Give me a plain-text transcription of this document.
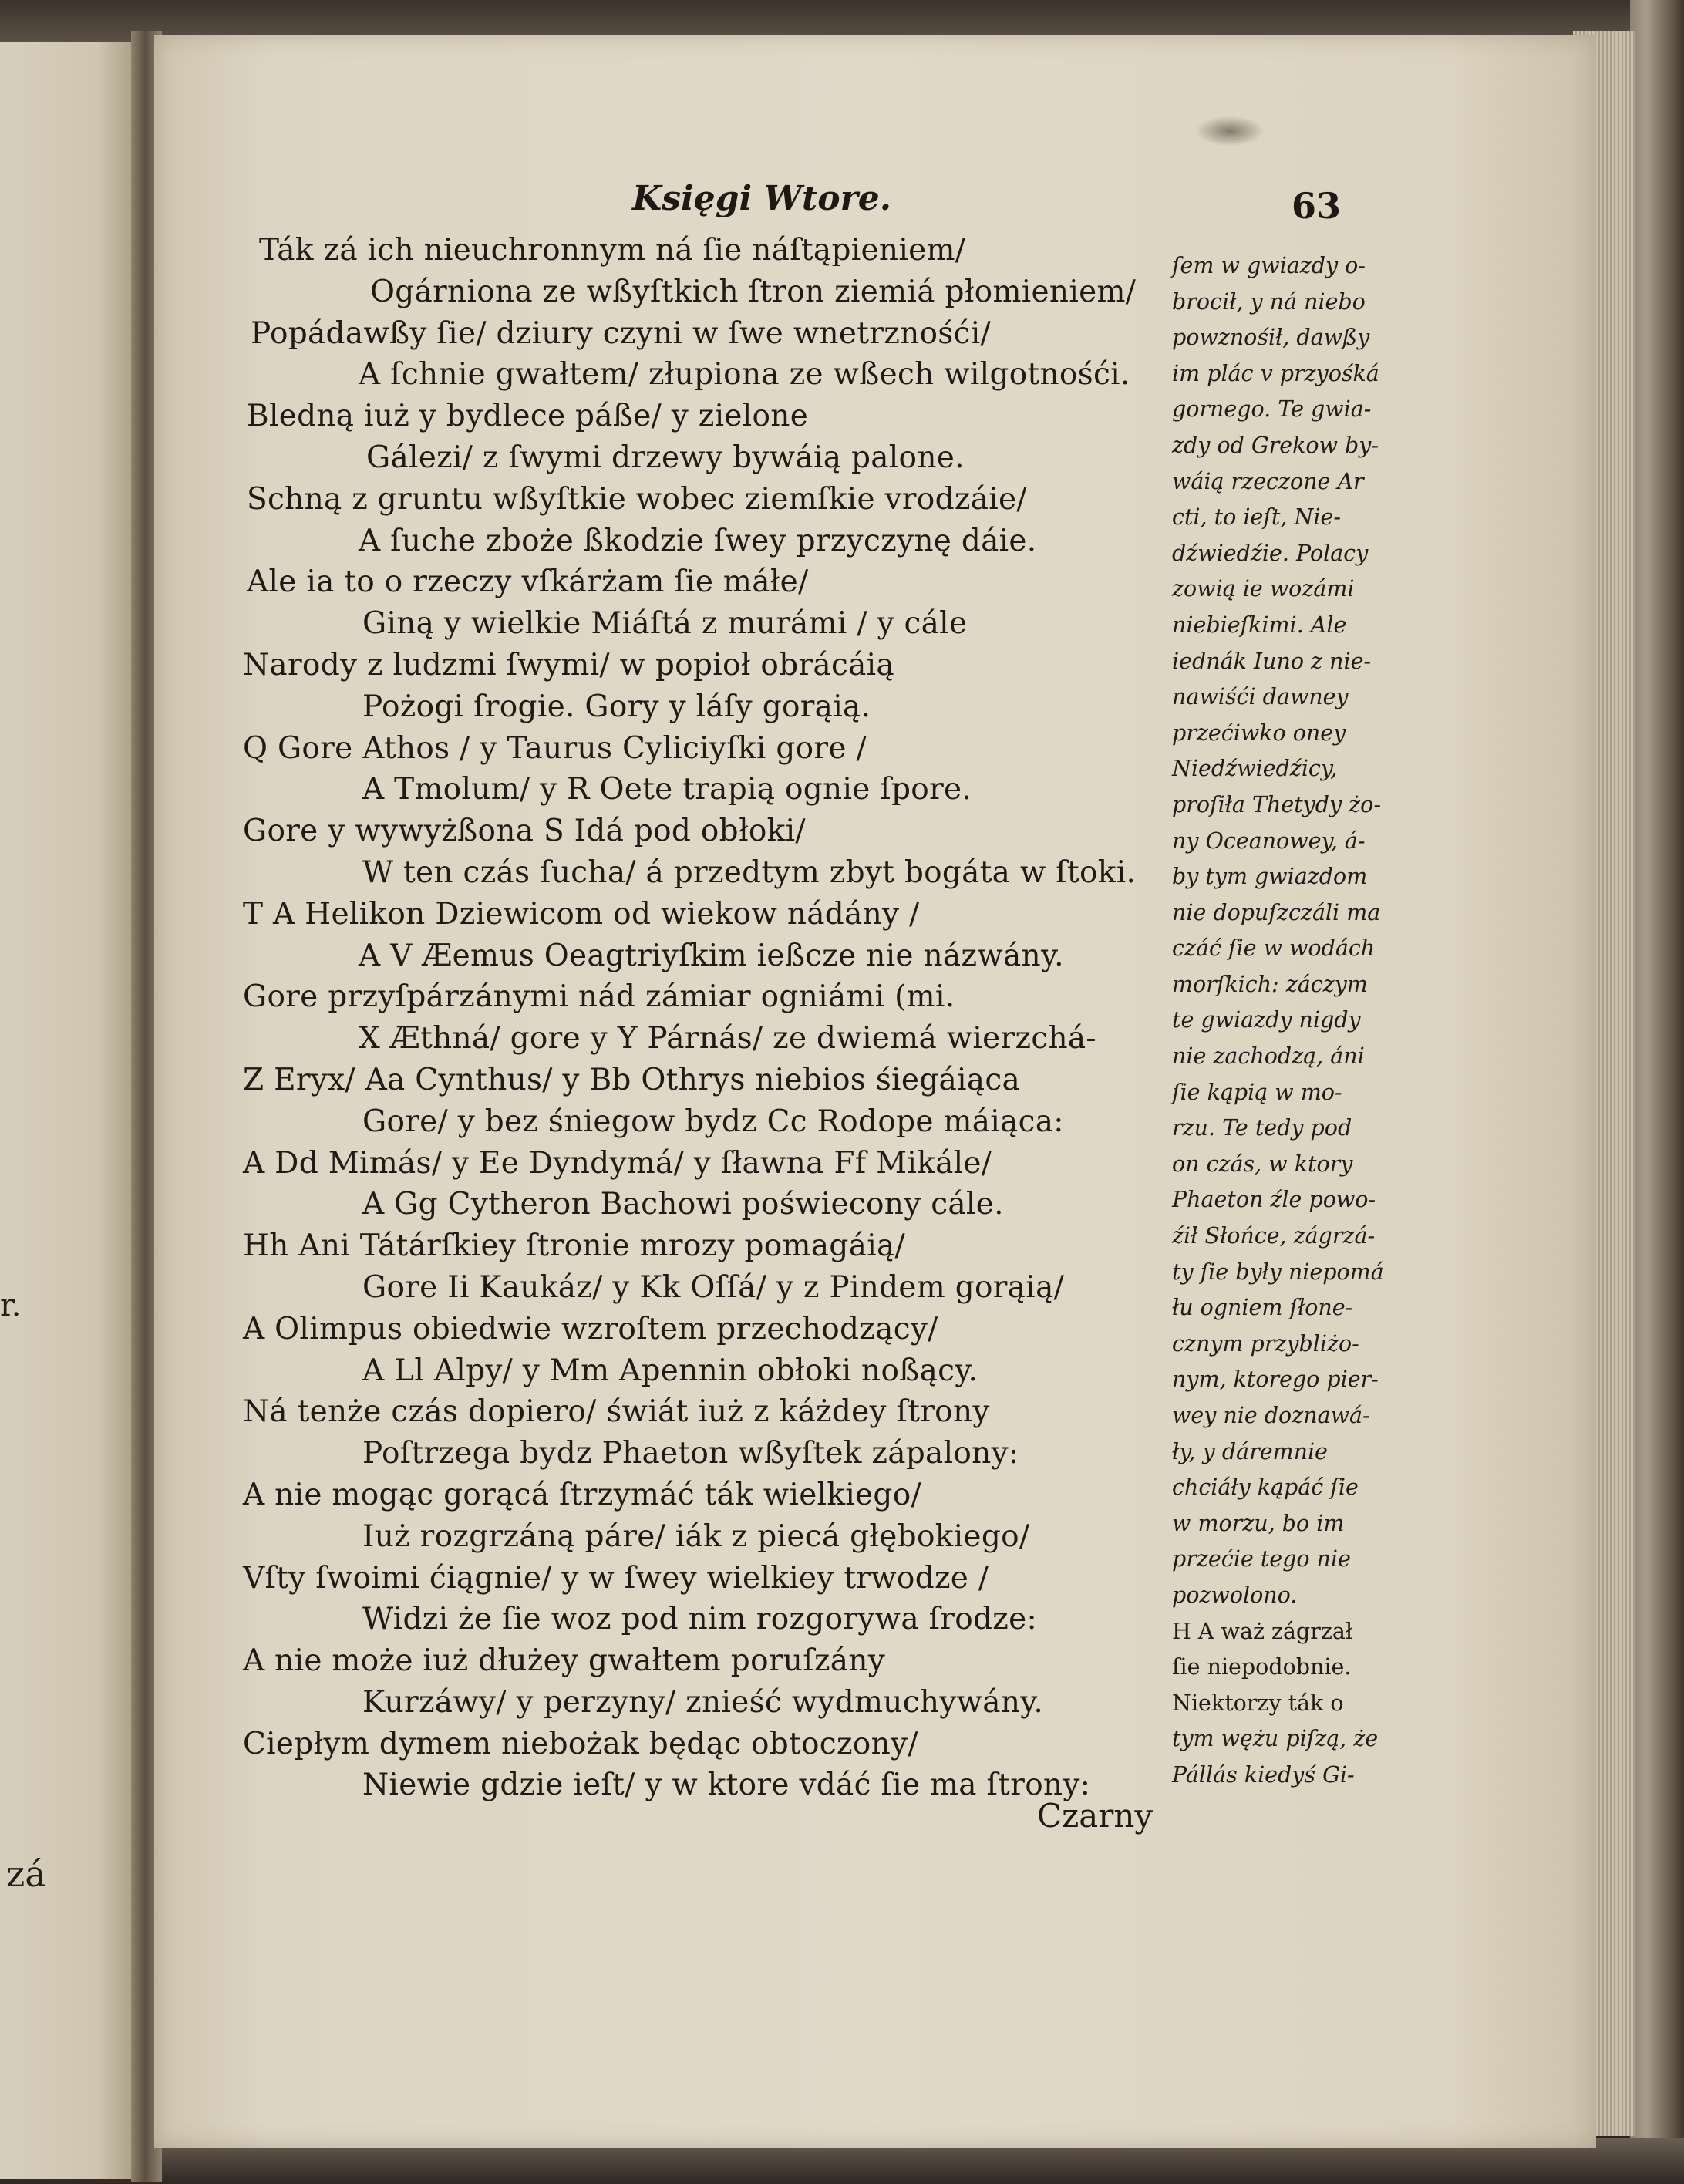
r.
zá
Księgi Wtore.	63
Ták zá ich nieuchronnym ná ſie náſtąpieniem/
Ogárniona ze wßyſtkich ſtron ziemiá płomieniem/
Popádawßy ſie/ dziury czyni w ſwe wnetrznośći/
A ſchnie gwałtem/ złupiona ze wßech wilgotnośći.
Bledną iuż y bydlece páße/ y zielone
Gálezi/ z ſwymi drzewy bywáią palone.
Schną z gruntu wßyſtkie wobec ziemſkie vrodzáie/
A ſuche zboże ßkodzie ſwey przyczynę dáie.
Ale ia to o rzeczy vſkárżam ſie máłe/
Giną y wielkie Miáſtá z murámi / y cále
Narody z ludzmi ſwymi/ w popioł obrácáią
Pożogi ſrogie. Gory y láſy gorąią.
Q Gore Athos / y Taurus Cyliciyſki gore /
A Tmolum/ y R Oete trapią ognie ſpore.
Gore y wywyżßona S Idá pod obłoki/
W ten czás ſucha/ á przedtym zbyt bogáta w ſtoki.
T A Helikon Dziewicom od wiekow nádány /
A V Æemus Oeagtriyſkim ießcze nie názwány.
Gore przyſpárzánymi nád zámiar ogniámi (mi.
X Æthná/ gore y Y Párnás/ ze dwiemá wierzchá-
Z Eryx/ Aa Cynthus/ y Bb Othrys niebios śiegáiąca
Gore/ y bez śniegow bydz Cc Rodope máiąca:
A Dd Mimás/ y Ee Dyndymá/ y ſławna Ff Mikále/
A Gg Cytheron Bachowi poświecony cále.
Hh Ani Tátárſkiey ſtronie mrozy pomagáią/
Gore Ii Kaukáz/ y Kk Oſſá/ y z Pindem gorąią/
A Olimpus obiedwie wzroſtem przechodzący/
A Ll Alpy/ y Mm Apennin obłoki noßący.
Ná tenże czás dopiero/ świát iuż z káżdey ſtrony
Poſtrzega bydz Phaeton wßyſtek zápalony:
A nie mogąc gorącá ſtrzymáć ták wielkiego/
Iuż rozgrzáną páre/ iák z piecá głębokiego/
Vſty ſwoimi ćiągnie/ y w ſwey wielkiey trwodze /
Widzi że ſie woz pod nim rozgorywa ſrodze:
A nie może iuż dłużey gwałtem poruſzány
Kurzáwy/ y perzyny/ znieść wydmuchywány.
Ciepłym dymem niebożak będąc obtoczony/
Niewie gdzie ieſt/ y w ktore vdáć ſie ma ſtrony:
ſem w gwiazdy o-
brocił, y ná niebo
powznośił, dawßy
im plác v przyośká
gornego. Te gwia-
zdy od Grekow by-
wáią rzeczone Ar
cti, to ieſt, Nie-
dźwiedźie. Polacy
zowią ie wozámi
niebieſkimi. Ale
iednák Iuno z nie-
nawiśći dawney
przećiwko oney
Niedźwiedźicy,
proſiła Thetydy żo-
ny Oceanowey, á-
by tym gwiazdom
nie dopuſzczáli ma
czáć ſie w wodách
morſkich: záczym
te gwiazdy nigdy
nie zachodzą, áni
ſie kąpią w mo-
rzu. Te tedy pod
on czás, w ktory
Phaeton źle powo-
źił Słońce, zágrzá-
ty ſie były niepomá
łu ogniem ſłone-
cznym przybliżo-
nym, ktorego pier-
wey nie doznawá-
ły, y dáremnie
chciáły kąpáć ſie
w morzu, bo im
przećie tego nie
pozwolono.
H A waż zágrzał
ſie niepodobnie.
Niektorzy ták o
tym wężu piſzą, że
Pállás kiedyś Gi-
Czarny
